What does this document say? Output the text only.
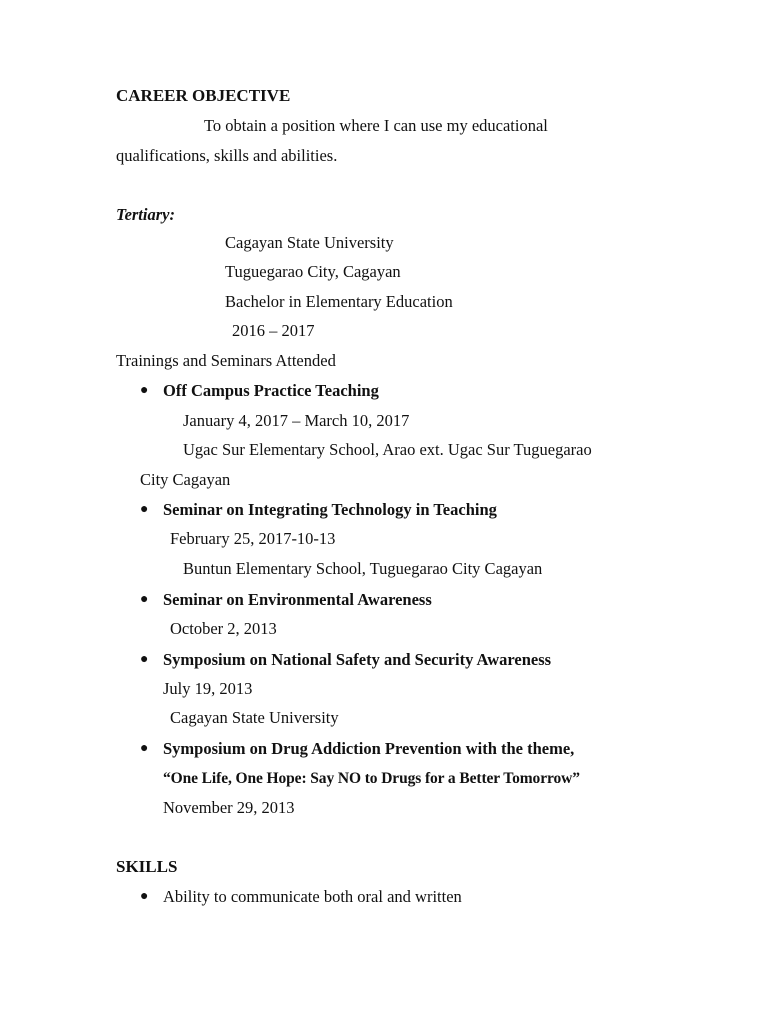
CAREER OBJECTIVE
To obtain a position where I can use my educational
qualifications, skills and abilities.
Tertiary:
Cagayan State University
Tuguegarao City, Cagayan
Bachelor in Elementary Education
2016 – 2017
Trainings and Seminars Attended
● Off Campus Practice Teaching
January 4, 2017 – March 10, 2017
Ugac Sur Elementary School, Arao ext. Ugac Sur Tuguegarao
City Cagayan
● Seminar on Integrating Technology in Teaching
February 25, 2017-10-13
Buntun Elementary School, Tuguegarao City Cagayan
● Seminar on Environmental Awareness
October 2, 2013
● Symposium on National Safety and Security Awareness
July 19, 2013
Cagayan State University
● Symposium on Drug Addiction Prevention with the theme,
“One Life, One Hope: Say NO to Drugs for a Better Tomorrow”
November 29, 2013
SKILLS
● Ability to communicate both oral and written
